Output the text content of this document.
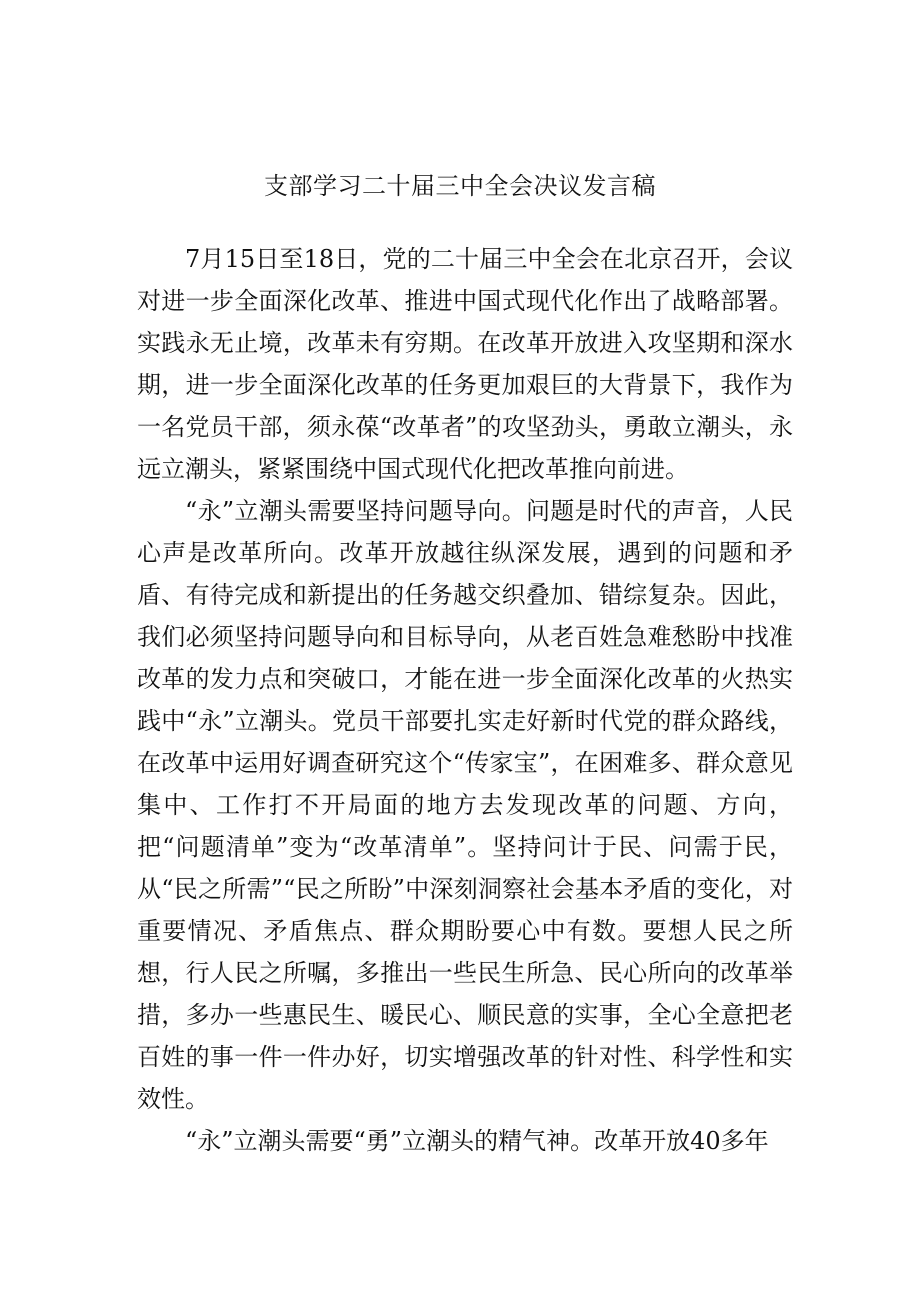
支部学习二十届三中全会决议发言稿

7月15日至18日，党的二十届三中全会在北京召开，会议对进一步全面深化改革、推进中国式现代化作出了战略部署。实践永无止境，改革未有穷期。在改革开放进入攻坚期和深水期，进一步全面深化改革的任务更加艰巨的大背景下，我作为一名党员干部，须永葆“改革者”的攻坚劲头，勇敢立潮头，永远立潮头，紧紧围绕中国式现代化把改革推向前进。

“永”立潮头需要坚持问题导向。问题是时代的声音，人民心声是改革所向。改革开放越往纵深发展，遇到的问题和矛盾、有待完成和新提出的任务越交织叠加、错综复杂。因此，我们必须坚持问题导向和目标导向，从老百姓急难愁盼中找准改革的发力点和突破口，才能在进一步全面深化改革的火热实践中“永”立潮头。党员干部要扎实走好新时代党的群众路线，在改革中运用好调查研究这个“传家宝”，在困难多、群众意见集中、工作打不开局面的地方去发现改革的问题、方向，把“问题清单”变为“改革清单”。坚持问计于民、问需于民，从“民之所需”“民之所盼”中深刻洞察社会基本矛盾的变化，对重要情况、矛盾焦点、群众期盼要心中有数。要想人民之所想，行人民之所嘱，多推出一些民生所急、民心所向的改革举措，多办一些惠民生、暖民心、顺民意的实事，全心全意把老百姓的事一件一件办好，切实增强改革的针对性、科学性和实效性。

“永”立潮头需要“勇”立潮头的精气神。改革开放40多年
